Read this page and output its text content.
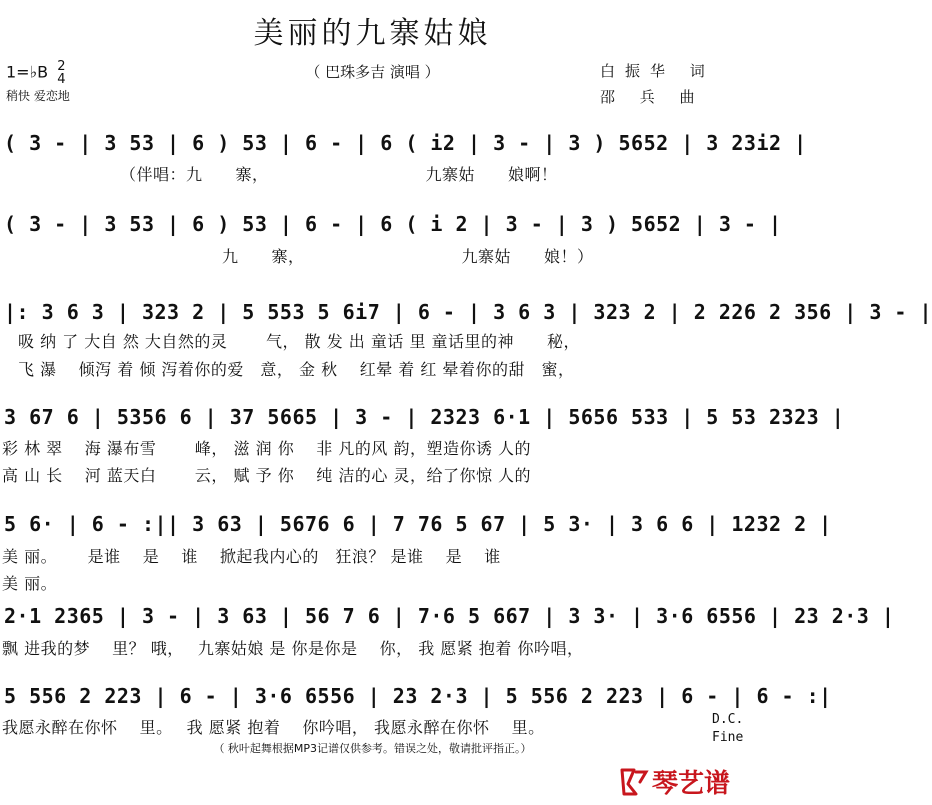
美丽的九寨姑娘
（ 巴珠多吉 演唱 ）
1=♭B 2
4
稍快 爱恋地
白振华 词
邵 兵 曲
( 3 - | 3 53 | 6 ) 53 | 6 - | 6 ( i2 | 3 - | 3 ) 5652 | 3 23i2 |
（伴唱：九　　寨，　　　　　　　　　　九寨姑　　娘啊！
( 3 - | 3 53 | 6 ) 53 | 6 - | 6 ( i 2 | 3 - | 3 ) 5652 | 3 - |
九　　寨，　　　　　　　　　　九寨姑　　娘！）
|: 3 6 3 | 323 2 | 5 553 5 6i7 | 6 - | 3 6 3 | 323 2 | 2 226 2 356 | 3 - |
吸 纳 了 大自 然 大自然的灵　　 气， 散 发 出 童话 里 童话里的神　　秘，
飞 瀑　 倾泻 着 倾 泻着你的爱　意， 金 秋　 红晕 着 红 晕着你的甜　蜜，
3 67 6 | 5356 6 | 37 5665 | 3 - | 2323 6·1 | 5656 533 | 5 53 2323 |
彩 林 翠　 海 瀑布雪　　 峰， 滋 润 你　 非 凡的风 韵，塑造你诱 人的
高 山 长　 河 蓝天白　　 云， 赋 予 你　 纯 洁的心 灵，给了你惊 人的
5 6· | 6 - :|| 3 63 | 5676 6 | 7 76 5 67 | 5 3· | 3 6 6 | 1232 2 |
美 丽。　　 是谁　 是　 谁　 掀起我内心的　狂浪？ 是谁　 是　 谁
美 丽。
2·1 2365 | 3 - | 3 63 | 56 7 6 | 7·6 5 667 | 3 3· | 3·6 6556 | 23 2·3 |
飘 进我的梦　 里？ 哦，　 九寨姑娘 是 你是你是　 你， 我 愿紧 抱着 你吟唱，
5 556 2 223 | 6 - | 3·6 6556 | 23 2·3 | 5 556 2 223 | 6 - | 6 - :|
我愿永醉在你怀　 里。　 我 愿紧 抱着　 你吟唱， 我愿永醉在你怀　 里。	D.C.
Fine
（ 秋叶起舞根据MP3记谱仅供参考。错误之处，敬请批评指正。）
琴艺谱
